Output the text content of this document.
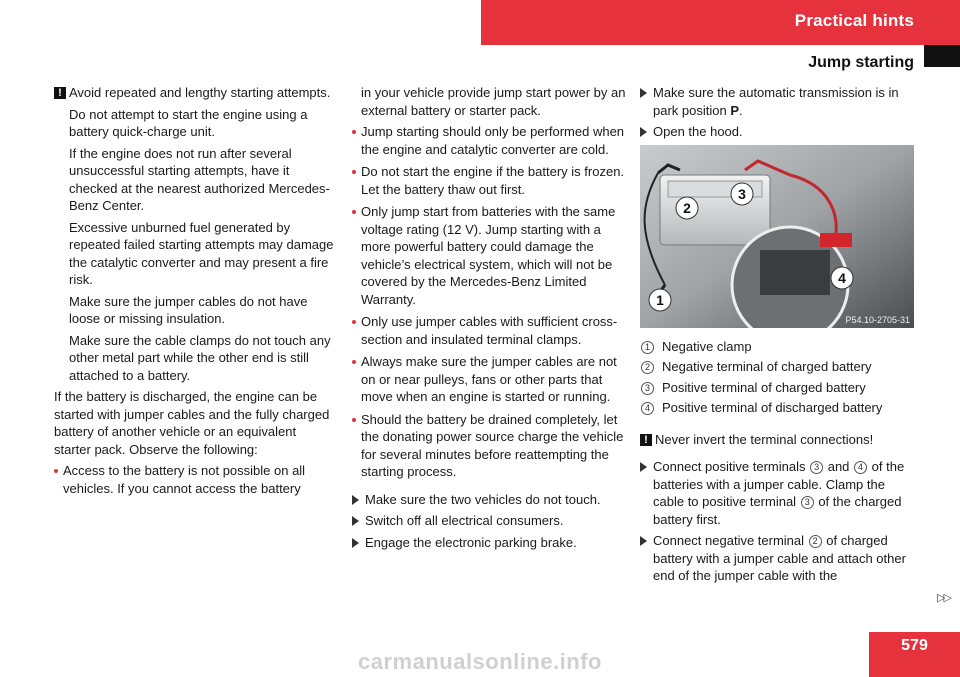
Practical hints
Jump starting

! Avoid repeated and lengthy starting attempts.

Do not attempt to start the engine using a battery quick-charge unit.

If the engine does not run after several unsuccessful starting attempts, have it checked at the nearest authorized Mercedes-Benz Center.

Excessive unburned fuel generated by repeated failed starting attempts may damage the catalytic converter and may present a fire risk.

Make sure the jumper cables do not have loose or missing insulation.

Make sure the cable clamps do not touch any other metal part while the other end is still attached to a battery.

If the battery is discharged, the engine can be started with jumper cables and the fully charged battery of another vehicle or an equivalent starter pack. Observe the following:

Access to the battery is not possible on all vehicles. If you cannot access the battery

in your vehicle provide jump start power by an external battery or starter pack.

Jump starting should only be performed when the engine and catalytic converter are cold.
Do not start the engine if the battery is frozen. Let the battery thaw out first.
Only jump start from batteries with the same voltage rating (12 V). Jump starting with a more powerful battery could damage the vehicle’s electrical system, which will not be covered by the Mercedes-Benz Limited Warranty.
Only use jumper cables with sufficient cross-section and insulated terminal clamps.
Always make sure the jumper cables are not on or near pulleys, fans or other parts that move when an engine is started or running.
Should the battery be drained completely, let the donating power source charge the vehicle for several minutes before reattempting the starting process.
Make sure the two vehicles do not touch.
Switch off all electrical consumers.
Engage the electronic parking brake.
Make sure the automatic transmission is in park position P.
Open the hood.
1
2
3
4
P54.10-2705-31
1 Negative clamp
2 Negative terminal of charged battery
3 Positive terminal of charged battery
4 Positive terminal of discharged battery

! Never invert the terminal connections!

Connect positive terminals 3 and 4 of the batteries with a jumper cable. Clamp the cable to positive terminal 3 of the charged battery first.
Connect negative terminal 2 of charged battery with a jumper cable and attach other end of the jumper cable with the
▷▷
579
carmanualsonline.info
